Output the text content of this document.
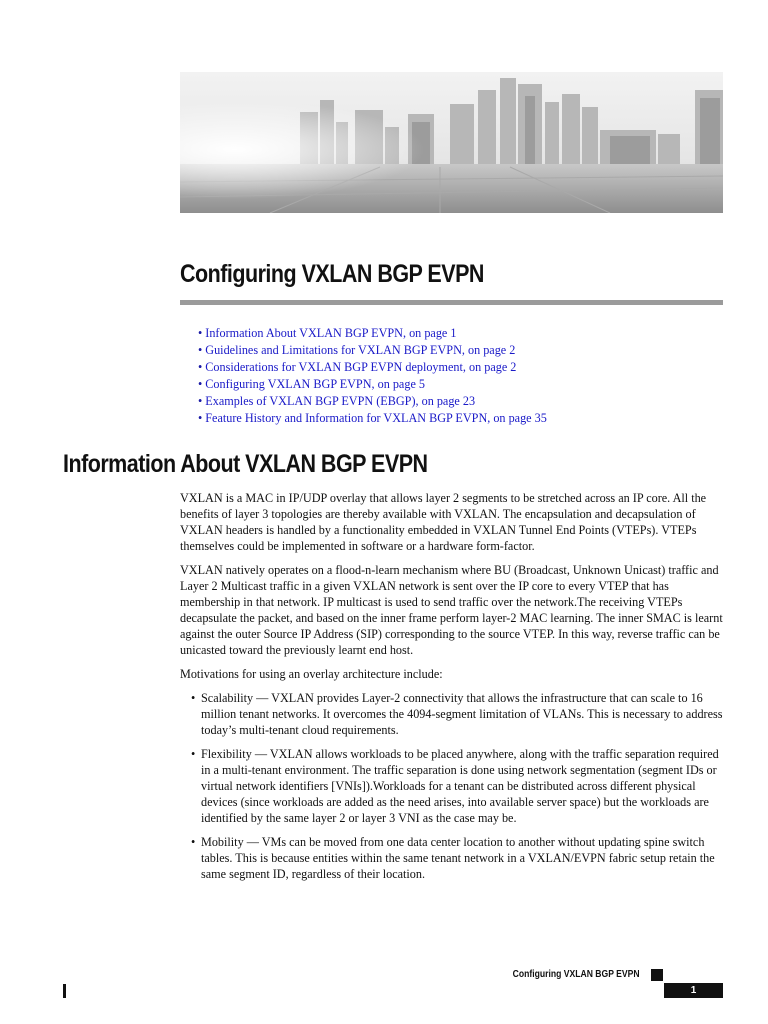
Configuring VXLAN BGP EVPN
• Information About VXLAN BGP EVPN, on page 1
• Guidelines and Limitations for VXLAN BGP EVPN, on page 2
• Considerations for VXLAN BGP EVPN deployment, on page 2
• Configuring VXLAN BGP EVPN, on page 5
• Examples of VXLAN BGP EVPN (EBGP), on page 23
• Feature History and Information for VXLAN BGP EVPN, on page 35
Information About VXLAN BGP EVPN

VXLAN is a MAC in IP/UDP overlay that allows layer 2 segments to be stretched across an IP core. All the benefits of layer 3 topologies are thereby available with VXLAN. The encapsulation and decapsulation of VXLAN headers is handled by a functionality embedded in VXLAN Tunnel End Points (VTEPs). VTEPs themselves could be implemented in software or a hardware form-factor.

VXLAN natively operates on a flood-n-learn mechanism where BU (Broadcast, Unknown Unicast) traffic and Layer 2 Multicast traffic in a given VXLAN network is sent over the IP core to every VTEP that has membership in that network. IP multicast is used to send traffic over the network.The receiving VTEPs decapsulate the packet, and based on the inner frame perform layer-2 MAC learning. The inner SMAC is learnt against the outer Source IP Address (SIP) corresponding to the source VTEP. In this way, reverse traffic can be unicasted toward the previously learnt end host.

Motivations for using an overlay architecture include:

• Scalability — VXLAN provides Layer-2 connectivity that allows the infrastructure that can scale to 16 million tenant networks. It overcomes the 4094-segment limitation of VLANs. This is necessary to address today’s multi-tenant cloud requirements.
• Flexibility — VXLAN allows workloads to be placed anywhere, along with the traffic separation required in a multi-tenant environment. The traffic separation is done using network segmentation (segment IDs or virtual network identifiers [VNIs]).Workloads for a tenant can be distributed across different physical devices (since workloads are added as the need arises, into available server space) but the workloads are identified by the same layer 2 or layer 3 VNI as the case may be.
• Mobility — VMs can be moved from one data center location to another without updating spine switch tables. This is because entities within the same tenant network in a VXLAN/EVPN fabric setup retain the same segment ID, regardless of their location.
Configuring VXLAN BGP EVPN
1
